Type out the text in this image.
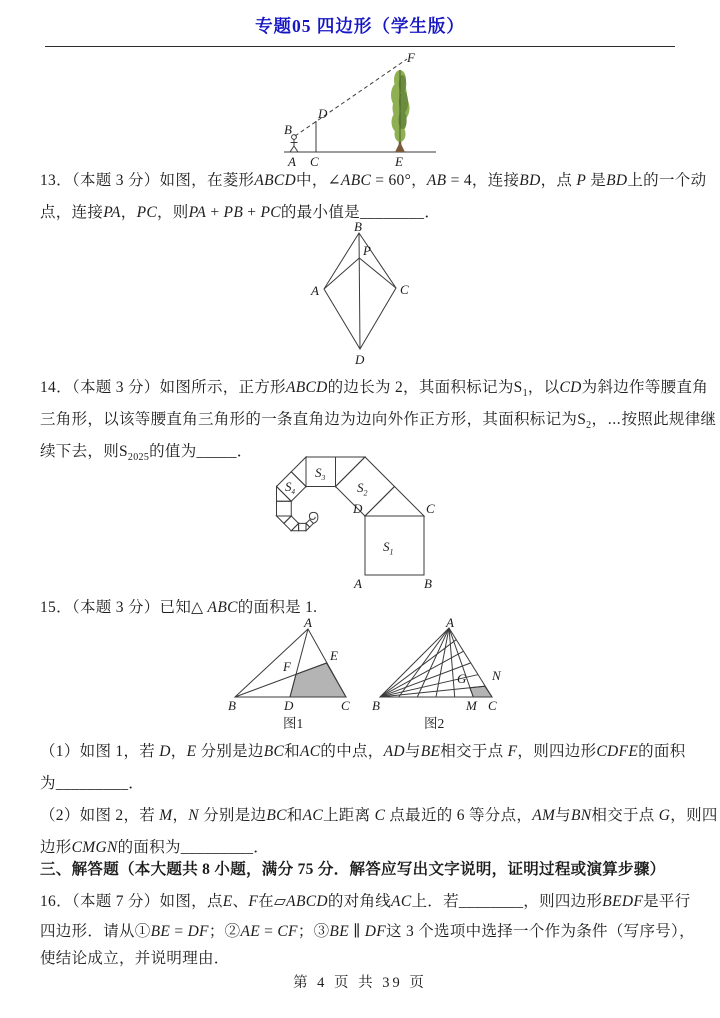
专题05 四边形（学生版）
F
D
B
A C	E
13．（本题 3 分）如图，在菱形ABCD中，∠ABC = 60°，AB = 4，连接BD，点 P 是BD上的一个动
点，连接PA，PC，则PA + PB + PC的最小值是________．
B
P
A	C
D
14．（本题 3 分）如图所示，正方形ABCD的边长为 2，其面积标记为$S_1$，以CD为斜边作等腰直角
三角形，以该等腰直角三角形的一条直角边为边向外作正方形，其面积标记为$S_2$，⋯按照此规律继
续下去，则$S_{2025}$的值为_____．
$S_1$
$S_2$
$S_3$
$S_4$
D	C
A	B
15．（本题 3 分）已知△ ABC的面积是 1.
A
B	C
D
E
F
图1
A
B	C
M
G N
图2
（1）如图 1，若 D，E 分别是边BC和AC的中点，AD与BE相交于点 F，则四边形CDFE的面积
为_________．
（2）如图 2，若 M，N 分别是边BC和AC上距离 C 点最近的 6 等分点，AM与BN相交于点 G，则四
边形CMGN的面积为_________．
三、解答题（本大题共 8 小题，满分 75 分．解答应写出文字说明，证明过程或演算步骤）
16．（本题 7 分）如图，点E、F在▱ABCD的对角线AC上．若________，则四边形BEDF是平行
四边形．请从①BE = DF；②AE = CF；③BE ∥ DF这 3 个选项中选择一个作为条件（写序号），
使结论成立，并说明理由．
第 4 页 共 39 页
